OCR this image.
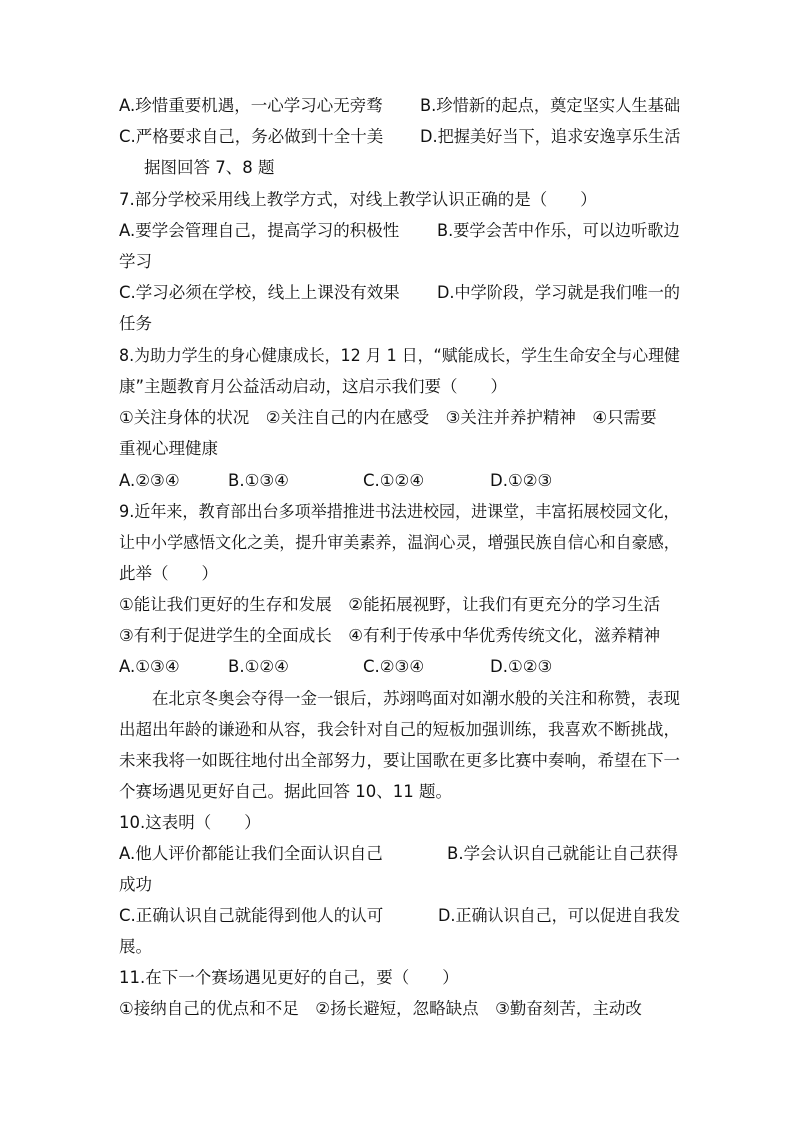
A.珍惜重要机遇，一心学习心无旁骛 B.珍惜新的起点，奠定坚实人生基础
C.严格要求自己，务必做到十全十美 D.把握美好当下，追求安逸享乐生活
据图回答 7、8 题
7.部分学校采用线上教学方式，对线上教学认识正确的是（　　）
A.要学会管理自己，提高学习的积极性 B.要学会苦中作乐，可以边听歌边
学习
C.学习必须在学校，线上上课没有效果 D.中学阶段，学习就是我们唯一的
任务
8.为助力学生的身心健康成长，12 月 1 日，“赋能成长，学生生命安全与心理健
康”主题教育月公益活动启动，这启示我们要（　　）
①关注身体的状况　②关注自己的内在感受　③关注并养护精神　④只需要
重视心理健康
A.②③④	B.①③④	C.①②④	D.①②③
9.近年来，教育部出台多项举措推进书法进校园，进课堂，丰富拓展校园文化，
让中小学感悟文化之美，提升审美素养，温润心灵，增强民族自信心和自豪感，
此举（　　）
①能让我们更好的生存和发展　②能拓展视野，让我们有更充分的学习生活
③有利于促进学生的全面成长　④有利于传承中华优秀传统文化，滋养精神
A.①③④	B.①②④	C.②③④	D.①②③
在北京冬奥会夺得一金一银后，苏翊鸣面对如潮水般的关注和称赞，表现
出超出年龄的谦逊和从容，我会针对自己的短板加强训练，我喜欢不断挑战，
未来我将一如既往地付出全部努力，要让国歌在更多比赛中奏响，希望在下一
个赛场遇见更好自己。据此回答 10、11 题。
10.这表明（　　）
A.他人评价都能让我们全面认识自己	B.学会认识自己就能让自己获得
成功
C.正确认识自己就能得到他人的认可	D.正确认识自己，可以促进自我发
展。
11.在下一个赛场遇见更好的自己，要（　　）
①接纳自己的优点和不足　②扬长避短，忽略缺点　③勤奋刻苦，主动改
